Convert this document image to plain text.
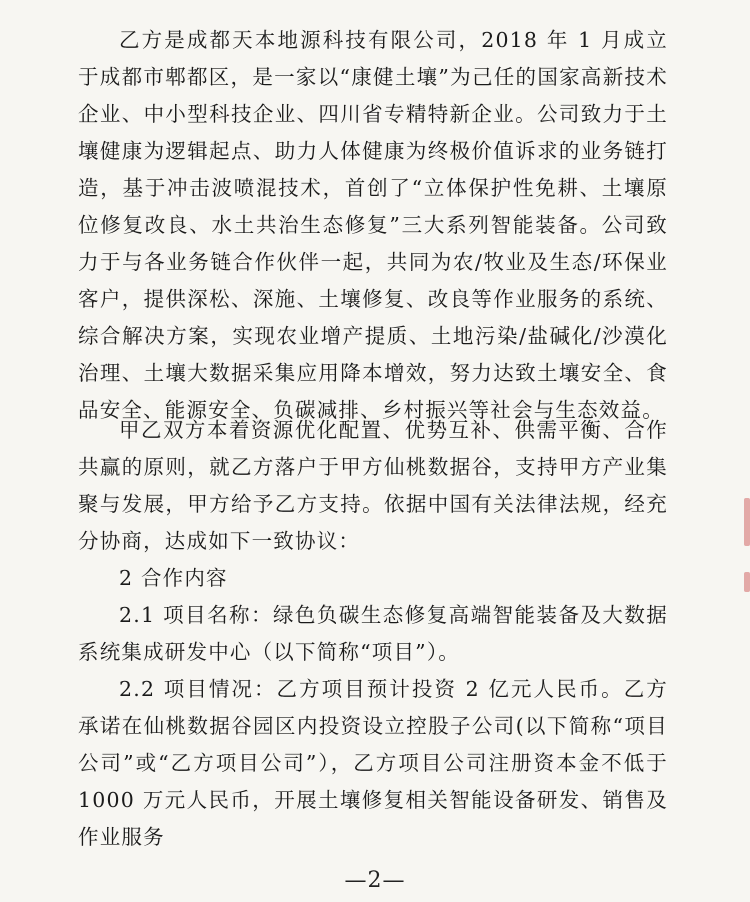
乙方是成都天本地源科技有限公司，2018 年 1 月成立于成都市郫都区，是一家以“康健土壤”为己任的国家高新技术企业、中小型科技企业、四川省专精特新企业。公司致力于土壤健康为逻辑起点、助力人体健康为终极价值诉求的业务链打造，基于冲击波喷混技术，首创了“立体保护性免耕、土壤原位修复改良、水土共治生态修复”三大系列智能装备。公司致力于与各业务链合作伙伴一起，共同为农/牧业及生态/环保业客户，提供深松、深施、土壤修复、改良等作业服务的系统、综合解决方案，实现农业增产提质、土地污染/盐碱化/沙漠化治理、土壤大数据采集应用降本增效，努力达致土壤安全、食品安全、能源安全、负碳减排、乡村振兴等社会与生态效益。
甲乙双方本着资源优化配置、优势互补、供需平衡、合作共赢的原则，就乙方落户于甲方仙桃数据谷，支持甲方产业集聚与发展，甲方给予乙方支持。依据中国有关法律法规，经充分协商，达成如下一致协议：
2 合作内容
2.1 项目名称：绿色负碳生态修复高端智能装备及大数据系统集成研发中心（以下简称“项目”）。
2.2 项目情况：乙方项目预计投资 2 亿元人民币。乙方承诺在仙桃数据谷园区内投资设立控股子公司(以下简称“项目公司”或“乙方项目公司”），乙方项目公司注册资本金不低于 1000 万元人民币，开展土壤修复相关智能设备研发、销售及作业服务
—2—
